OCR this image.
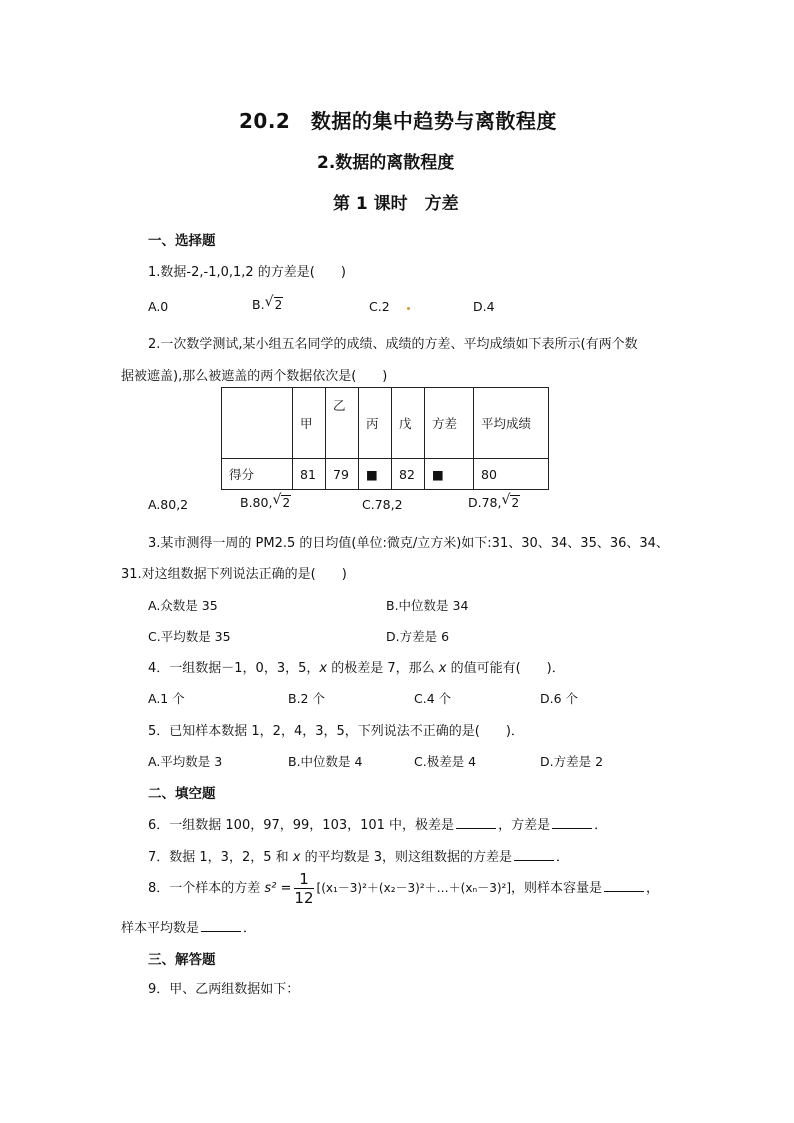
20.2　数据的集中趋势与离散程度
2.数据的离散程度
第 1 课时　方差
一、选择题
1.数据-2,-1,0,1,2 的方差是(　　)
A.0	B. √ 2	C.2	D.4
2.一次数学测试,某小组五名同学的成绩、成绩的方差、平均成绩如下表所示(有两个数
据被遮盖),那么被遮盖的两个数据依次是(　　)
	甲	乙	丙	戊	方差	平均成绩
得分	81	79	■	82	■	80
A.80,2	B.80, √ 2	C.78,2	D.78, √ 2
3.某市测得一周的 PM2.5 的日均值(单位:微克/立方米)如下:31、30、34、35、36、34、
31.对这组数据下列说法正确的是(　　)
A.众数是 35	B.中位数是 34
C.平均数是 35	D.方差是 6
4．一组数据－1，0，3，5，x 的极差是 7，那么 x 的值可能有(　　)．
A.1 个	B.2 个	C.4 个	D.6 个
5．已知样本数据 1，2，4，3，5，下列说法不正确的是(　　)．
A.平均数是 3	B.中位数是 4	C.极差是 4	D.方差是 2
二、填空题
6．一组数据 100，97，99，103，101 中，极差是	，方差是	．
7．数据 1，3，2，5 和 x 的平均数是 3，则这组数据的方差是	．
8．一个样本的方差 $s^2 = \frac{1}{12}$ [(x₁－3)²＋(x₂－3)²＋…＋(xₙ－3)²]，则样本容量是	，
样本平均数是	．
三、解答题
9．甲、乙两组数据如下：
